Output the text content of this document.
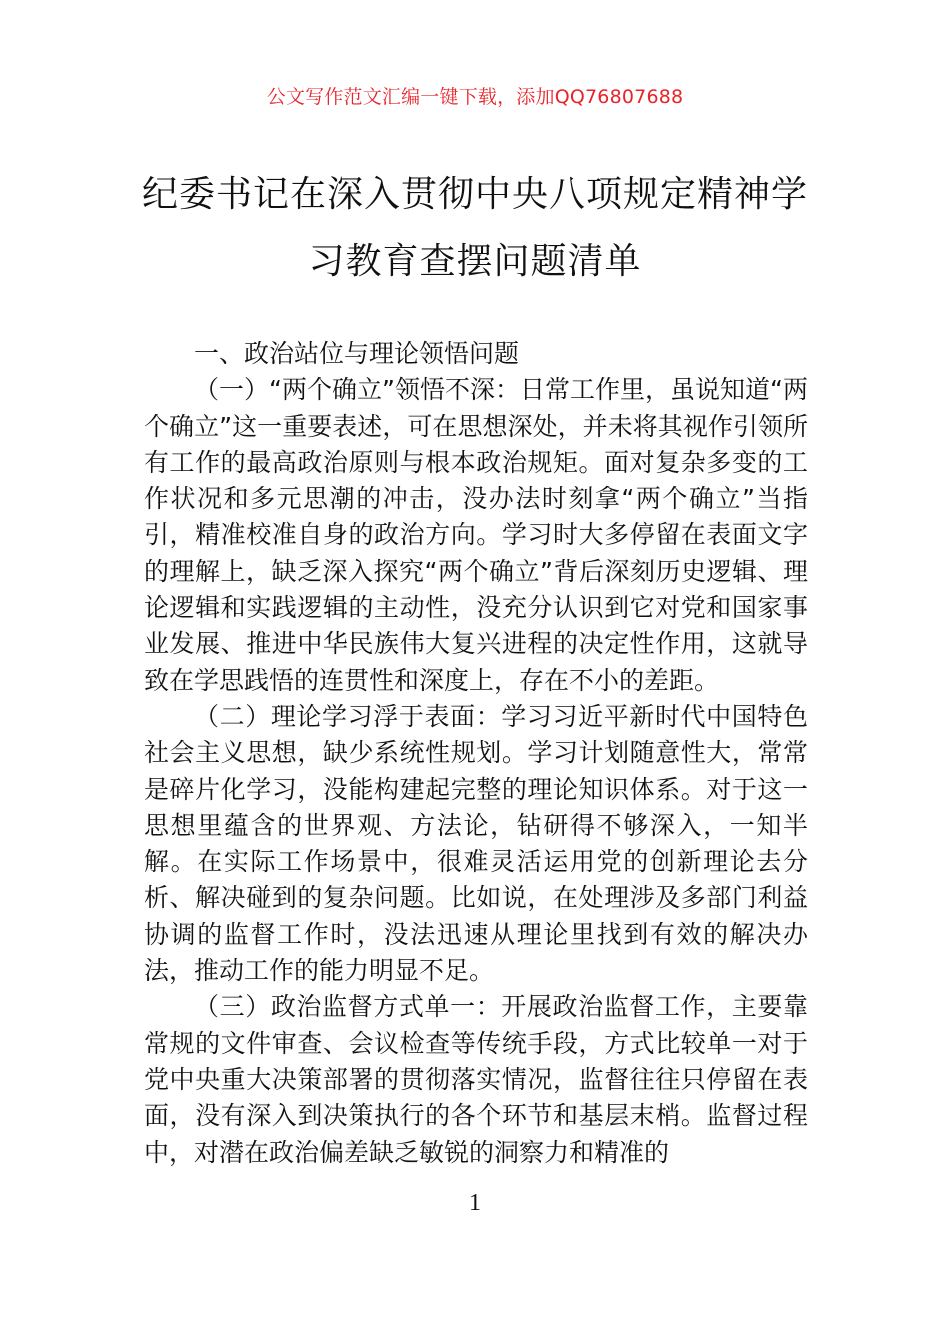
公文写作范文汇编一键下载，添加QQ76807688
纪委书记在深入贯彻中央八项规定精神学
习教育查摆问题清单

一、政治站位与理论领悟问题

（一）“两个确立”领悟不深：日常工作里，虽说知道“两个确立”这一重要表述，可在思想深处，并未将其视作引领所有工作的最高政治原则与根本政治规矩。面对复杂多变的工作状况和多元思潮的冲击，没办法时刻拿“两个确立”当指引，精准校准自身的政治方向。学习时大多停留在表面文字的理解上，缺乏深入探究“两个确立”背后深刻历史逻辑、理论逻辑和实践逻辑的主动性，没充分认识到它对党和国家事业发展、推进中华民族伟大复兴进程的决定性作用，这就导致在学思践悟的连贯性和深度上，存在不小的差距。

（二）理论学习浮于表面：学习习近平新时代中国特色社会主义思想，缺少系统性规划。学习计划随意性大，常常是碎片化学习，没能构建起完整的理论知识体系。对于这一思想里蕴含的世界观、方法论，钻研得不够深入，一知半解。在实际工作场景中，很难灵活运用党的创新理论去分析、解决碰到的复杂问题。比如说，在处理涉及多部门利益协调的监督工作时，没法迅速从理论里找到有效的解决办法，推动工作的能力明显不足。

（三）政治监督方式单一：开展政治监督工作，主要靠常规的文件审查、会议检查等传统手段，方式比较单一对于党中央重大决策部署的贯彻落实情况，监督往往只停留在表面，没有深入到决策执行的各个环节和基层末梢。监督过程中，对潜在政治偏差缺乏敏锐的洞察力和精准的

1
